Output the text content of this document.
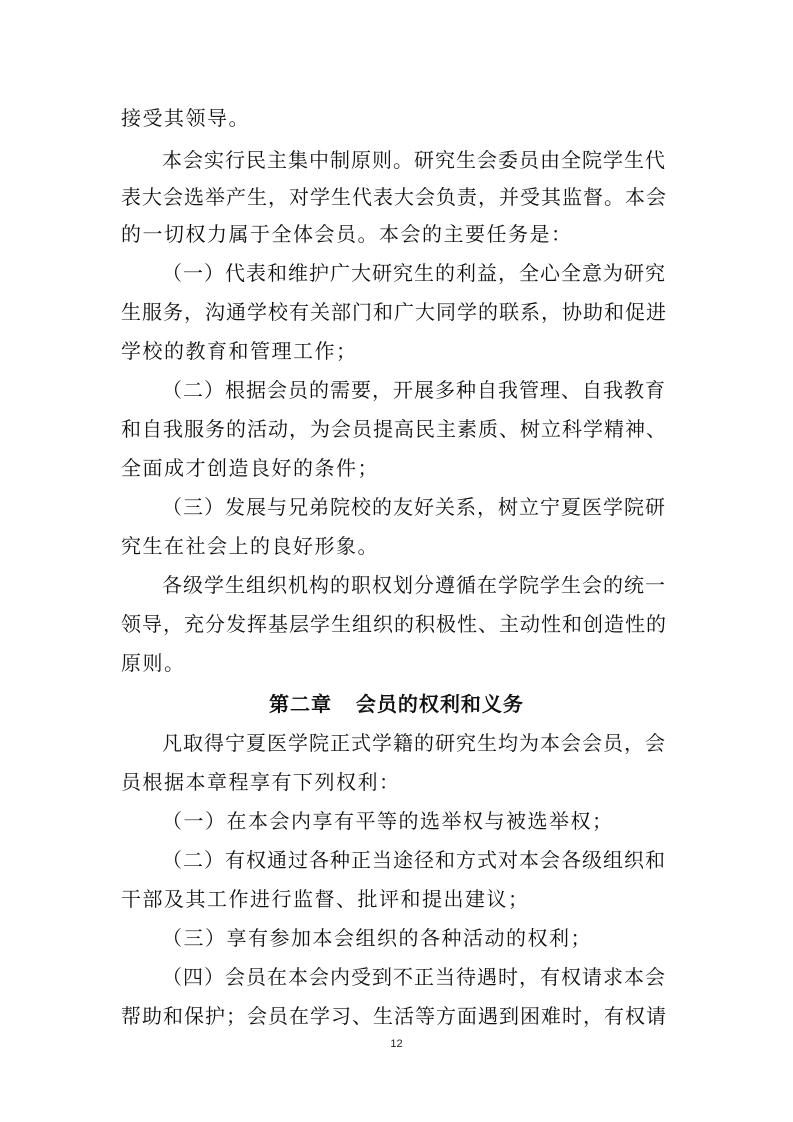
接受其领导。
本会实行民主集中制原则。研究生会委员由全院学生代
表大会选举产生，对学生代表大会负责，并受其监督。本会
的一切权力属于全体会员。本会的主要任务是：
（一）代表和维护广大研究生的利益，全心全意为研究
生服务，沟通学校有关部门和广大同学的联系，协助和促进
学校的教育和管理工作；
（二）根据会员的需要，开展多种自我管理、自我教育
和自我服务的活动，为会员提高民主素质、树立科学精神、
全面成才创造良好的条件；
（三）发展与兄弟院校的友好关系，树立宁夏医学院研
究生在社会上的良好形象。
各级学生组织机构的职权划分遵循在学院学生会的统一
领导，充分发挥基层学生组织的积极性、主动性和创造性的
原则。
第二章   会员的权利和义务
凡取得宁夏医学院正式学籍的研究生均为本会会员，会
员根据本章程享有下列权利：
（一）在本会内享有平等的选举权与被选举权；
（二）有权通过各种正当途径和方式对本会各级组织和
干部及其工作进行监督、批评和提出建议；
（三）享有参加本会组织的各种活动的权利；
（四）会员在本会内受到不正当待遇时，有权请求本会
帮助和保护；会员在学习、生活等方面遇到困难时，有权请
12
